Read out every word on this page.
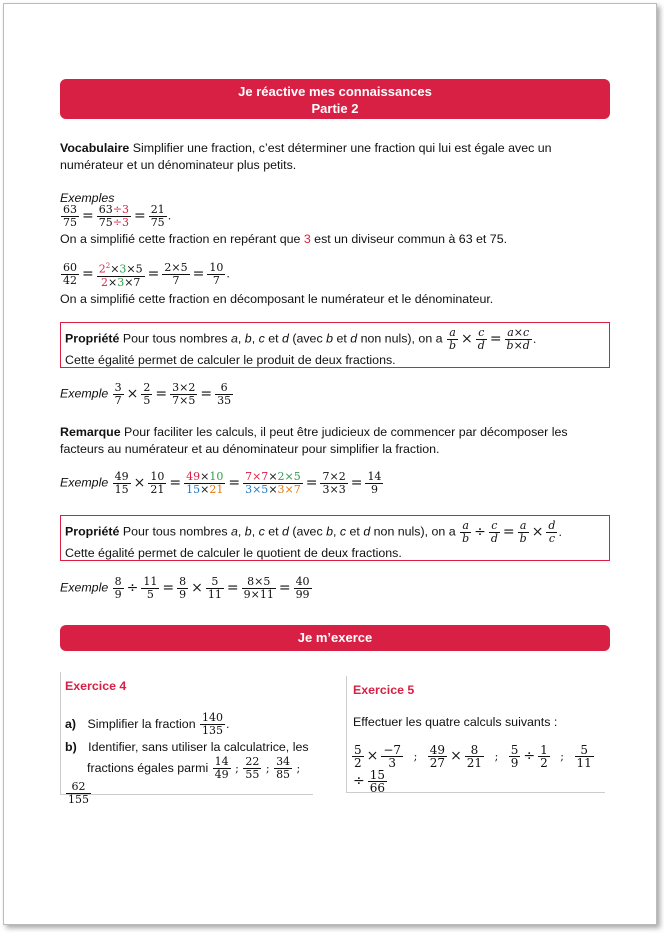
Je réactive mes connaissances
Partie 2
Vocabulaire Simplifier une fraction, c’est déterminer une fraction qui lui est égale avec un numérateur et un dénominateur plus petits.
Exemples
$\frac{63}{75} = \frac{63\div 3}{75\div 3} = \frac{21}{75}$ .
On a simplifié cette fraction en repérant que 3 est un diviseur commun à 63 et 75.
$\frac{60}{42} = \frac{2^2\times 3\times 5}{2\times 3\times 7} = \frac{2\times 5}{7} = \frac{10}{7}$ .
On a simplifié cette fraction en décomposant le numérateur et le dénominateur.
Propriété Pour tous nombres a, b, c et d (avec b et d non nuls), on a $\frac{a}{b} \times \frac{c}{d} = \frac{a\times c}{b\times d}$ .
Cette égalité permet de calculer le produit de deux fractions.
Exemple $\frac{3}{7} \times \frac{2}{5} = \frac{3\times 2}{7\times 5} = \frac{6}{35}$
Remarque Pour faciliter les calculs, il peut être judicieux de commencer par décomposer les facteurs au numérateur et au dénominateur pour simplifier la fraction.
Exemple $\frac{49}{15} \times \frac{10}{21} = \frac{49\times 10}{15\times 21} = \frac{7\times 7\times 2\times 5}{3\times 5\times 3\times 7} = \frac{7\times 2}{3\times 3} = \frac{14}{9}$
Propriété Pour tous nombres a, b, c et d (avec b, c et d non nuls), on a $\frac{a}{b} \div \frac{c}{d} = \frac{a}{b} \times \frac{d}{c}$ .
Cette égalité permet de calculer le quotient de deux fractions.
Exemple $\frac{8}{9} \div \frac{11}{5} = \frac{8}{9} \times \frac{5}{11} = \frac{8\times 5}{9\times 11} = \frac{40}{99}$
Je m’exerce
Exercice 4
a) Simplifier la fraction $\frac{140}{135}$ .
b) Identifier, sans utiliser la calculatrice, les
fractions égales parmi $\frac{14}{49}$ ; $\frac{22}{55}$ ; $\frac{34}{85}$ ;
$\frac{62}{155}$
Exercice 5
Effectuer les quatre calculs suivants :
$\frac{5}{2} \times \frac{-7}{3}$ ; $\frac{49}{27} \times \frac{8}{21}$ ; $\frac{5}{9} \div \frac{1}{2}$ ; $\frac{5}{11}$
÷ $\frac{15}{66}$
